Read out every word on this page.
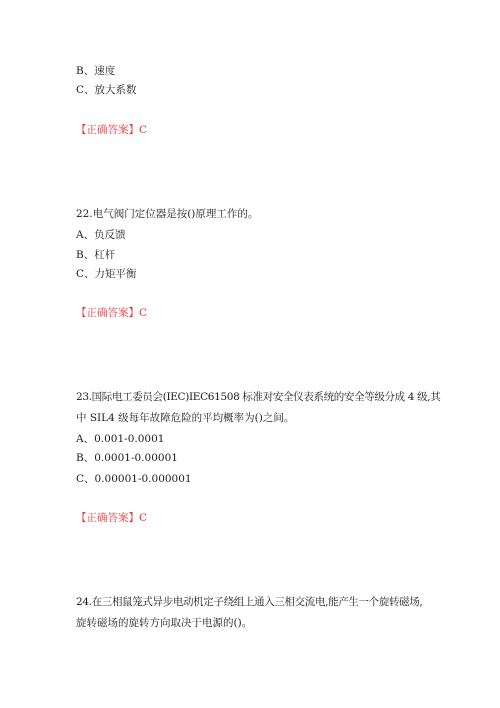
B、速度
C、放大系数
【正确答案】C
22.电气阀门定位器是按()原理工作的。
A、负反馈
B、杠杆
C、力矩平衡
【正确答案】C
23.国际电工委员会(IEC)IEC61508 标准对安全仪表系统的安全等级分成 4 级,其
中 SIL4 级每年故障危险的平均概率为()之间。
A、0.001-0.0001
B、0.0001-0.00001
C、0.00001-0.000001
【正确答案】C
24.在三相鼠笼式异步电动机定子绕组上通入三相交流电,能产生一个旋转磁场,
旋转磁场的旋转方向取决于电源的()。
